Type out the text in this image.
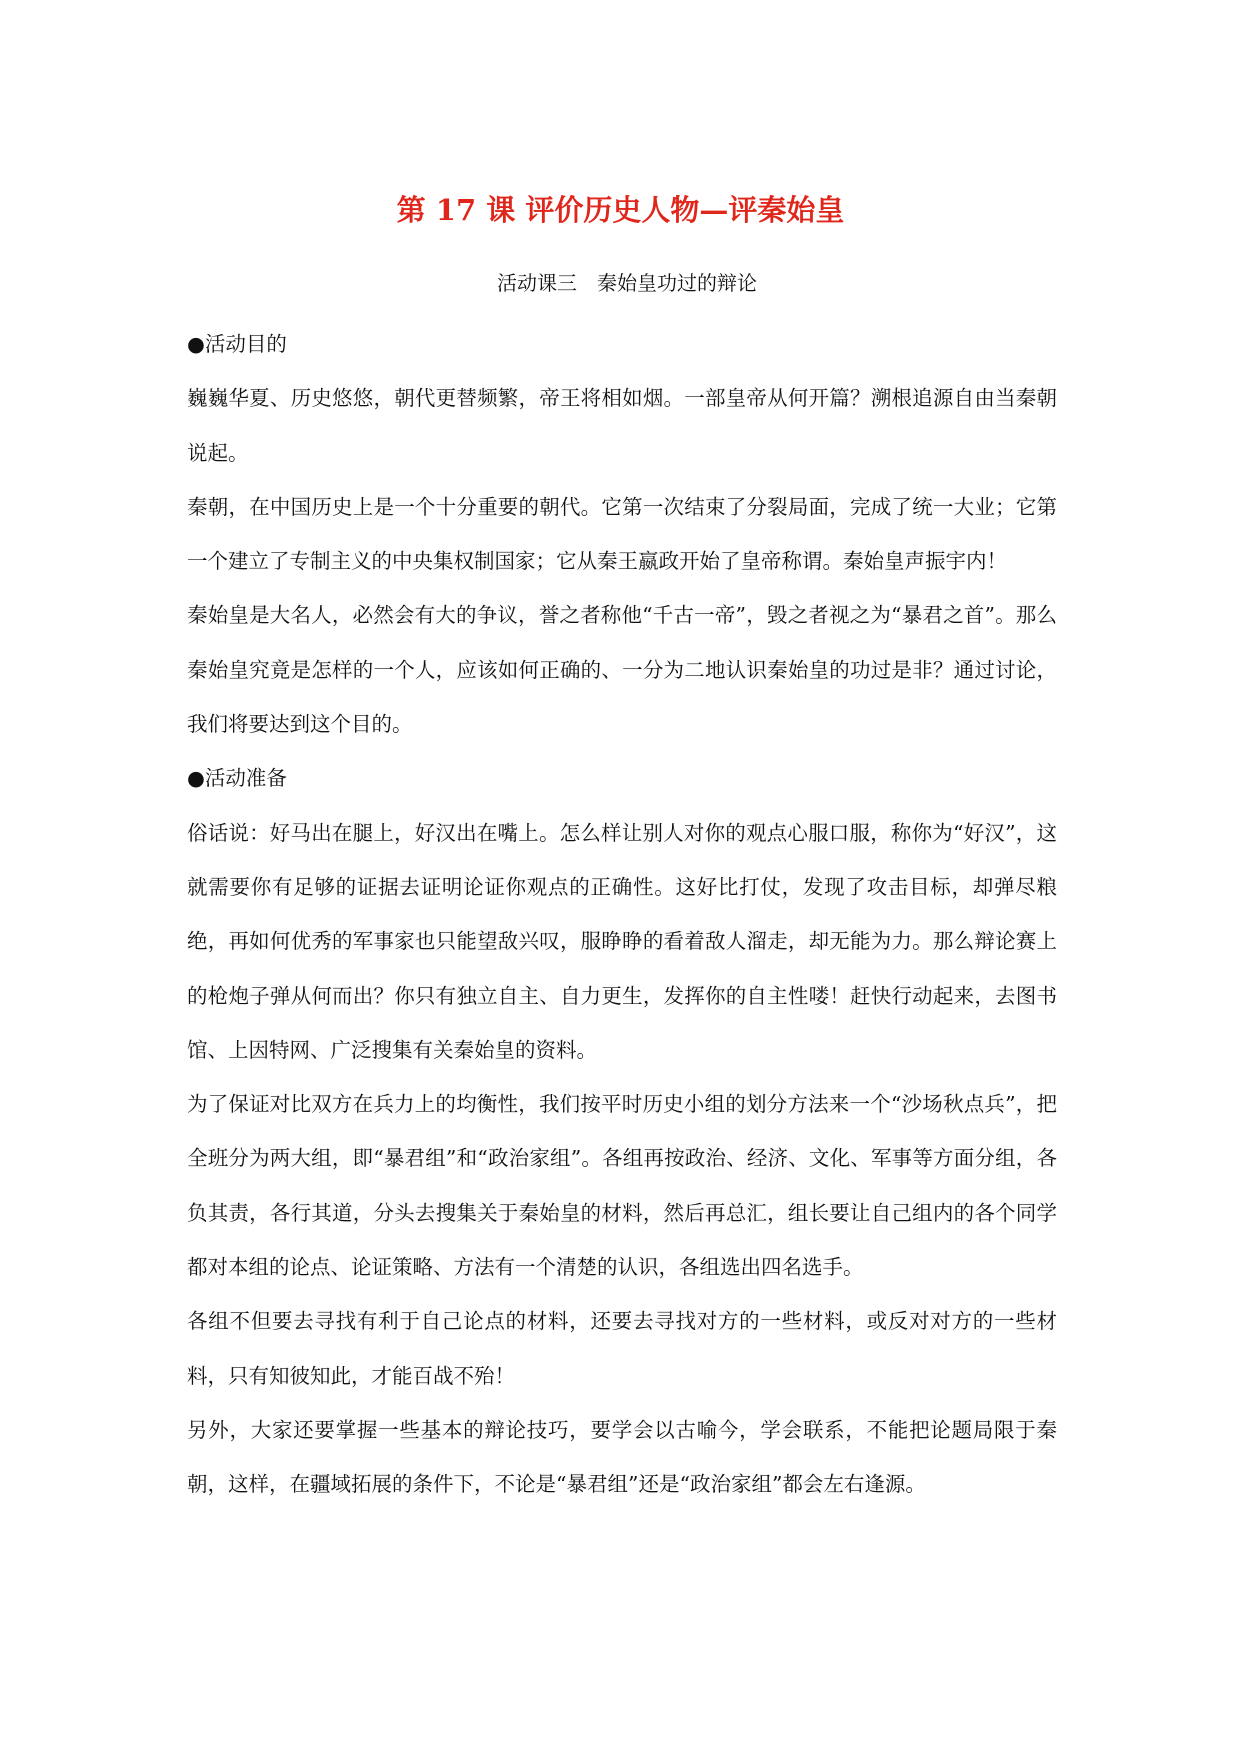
第 17 课 评价历史人物—评秦始皇
活动课三　秦始皇功过的辩论

●活动目的

巍巍华夏、历史悠悠，朝代更替频繁，帝王将相如烟。一部皇帝从何开篇？溯根追源自由当秦朝说起。

秦朝，在中国历史上是一个十分重要的朝代。它第一次结束了分裂局面，完成了统一大业；它第一个建立了专制主义的中央集权制国家；它从秦王嬴政开始了皇帝称谓。秦始皇声振宇内！

秦始皇是大名人，必然会有大的争议，誉之者称他“千古一帝”，毁之者视之为“暴君之首”。那么秦始皇究竟是怎样的一个人，应该如何正确的、一分为二地认识秦始皇的功过是非？通过讨论，我们将要达到这个目的。

●活动准备

俗话说：好马出在腿上，好汉出在嘴上。怎么样让别人对你的观点心服口服，称你为“好汉”，这就需要你有足够的证据去证明论证你观点的正确性。这好比打仗，发现了攻击目标，却弹尽粮绝，再如何优秀的军事家也只能望敌兴叹，服睁睁的看着敌人溜走，却无能为力。那么辩论赛上的枪炮子弹从何而出？你只有独立自主、自力更生，发挥你的自主性喽！赶快行动起来，去图书馆、上因特网、广泛搜集有关秦始皇的资料。

为了保证对比双方在兵力上的均衡性，我们按平时历史小组的划分方法来一个“沙场秋点兵”，把全班分为两大组，即“暴君组”和“政治家组”。各组再按政治、经济、文化、军事等方面分组，各负其责，各行其道，分头去搜集关于秦始皇的材料，然后再总汇，组长要让自己组内的各个同学都对本组的论点、论证策略、方法有一个清楚的认识，各组选出四名选手。

各组不但要去寻找有利于自己论点的材料，还要去寻找对方的一些材料，或反对对方的一些材料，只有知彼知此，才能百战不殆！

另外，大家还要掌握一些基本的辩论技巧，要学会以古喻今，学会联系，不能把论题局限于秦朝，这样，在疆域拓展的条件下，不论是“暴君组”还是“政治家组”都会左右逢源。
